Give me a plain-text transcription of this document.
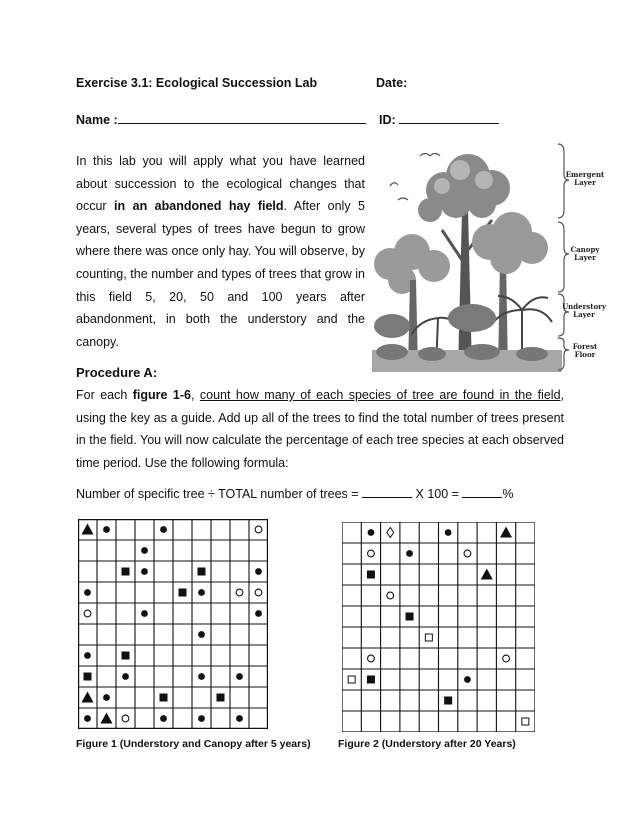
Exercise 3.1: Ecological Succession Lab	Date:
Name :	ID:
In this lab you will apply what you have learned about succession to the ecological changes that occur in an abandoned hay field. After only 5 years, several types of trees have begun to grow where there was once only hay. You will observe, by counting, the number and types of trees that grow in this field 5, 20, 50 and 100 years after abandonment, in both the understory and the canopy.
Emergent Layer
Canopy Layer
Understory Layer
Forest Floor
Procedure A:
For each figure 1-6, count how many of each species of tree are found in the field, using the key as a guide. Add up all of the trees to find the total number of trees present in the field. You will now calculate the percentage of each tree species at each observed time period. Use the following formula:
Number of specific tree ÷ TOTAL number of trees =	X 100 =	%
Figure 1 (Understory and Canopy after 5 years)	Figure 2 (Understory after 20 Years)
